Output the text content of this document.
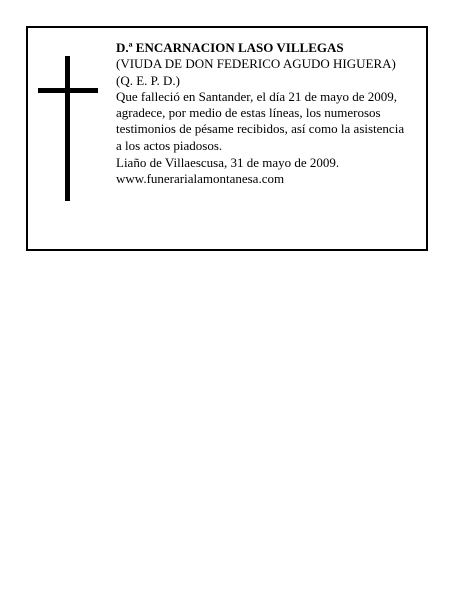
D.ª ENCARNACION LASO VILLEGAS
(VIUDA DE DON FEDERICO AGUDO HIGUERA)
(Q. E. P. D.)
Que falleció en Santander, el día 21 de mayo de 2009,
agradece, por medio de estas líneas, los numerosos
testimonios de pésame recibidos, así como la asistencia
a los actos piadosos.
Liaño de Villaescusa, 31 de mayo de 2009.
www.funerarialamontanesa.com
